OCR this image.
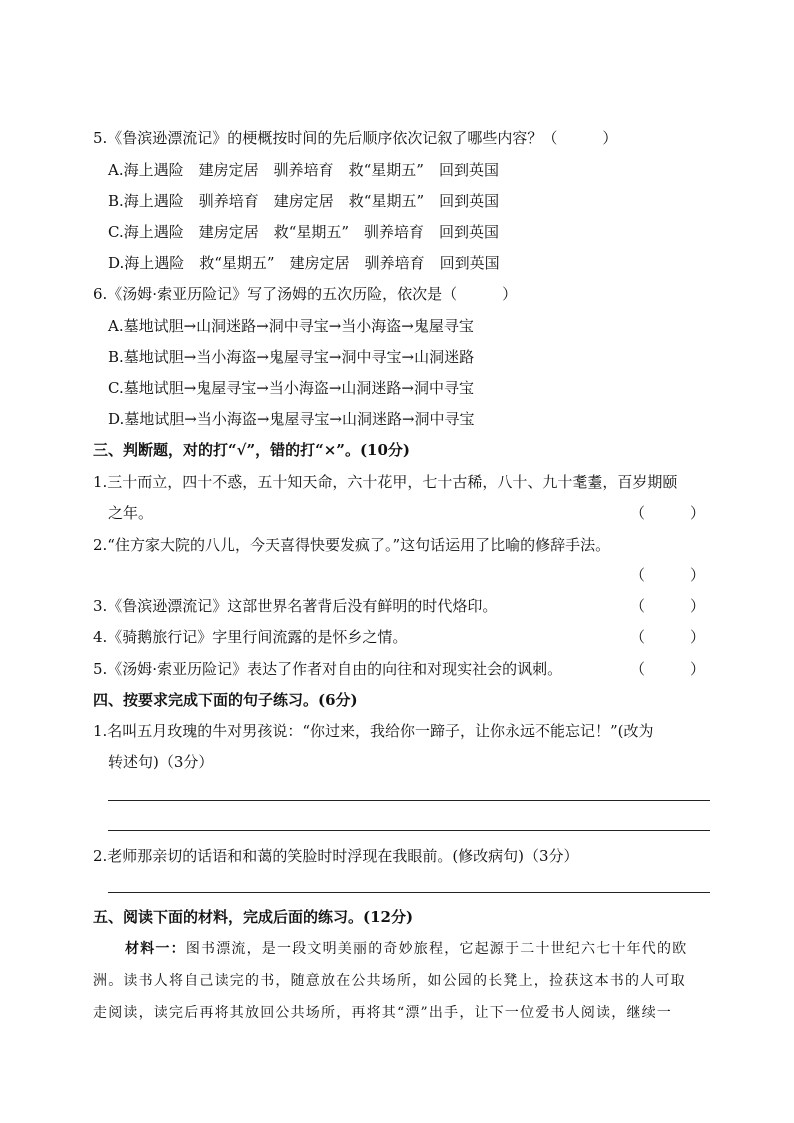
5.《鲁滨逊漂流记》的梗概按时间的先后顺序依次记叙了哪些内容？（　　　）
A.海上遇险　建房定居　驯养培育　救“星期五”　回到英国
B.海上遇险　驯养培育　建房定居　救“星期五”　回到英国
C.海上遇险　建房定居　救“星期五”　驯养培育　回到英国
D.海上遇险　救“星期五”　建房定居　驯养培育　回到英国
6.《汤姆·索亚历险记》写了汤姆的五次历险，依次是（　　　）
A.墓地试胆→山洞迷路→洞中寻宝→当小海盗→鬼屋寻宝
B.墓地试胆→当小海盗→鬼屋寻宝→洞中寻宝→山洞迷路
C.墓地试胆→鬼屋寻宝→当小海盗→山洞迷路→洞中寻宝
D.墓地试胆→当小海盗→鬼屋寻宝→山洞迷路→洞中寻宝
三、判断题，对的打“√”，错的打“×”。(10分)
1.三十而立，四十不惑，五十知天命，六十花甲，七十古稀，八十、九十耄耋，百岁期颐
之年。	（　　　）
2.“住方家大院的八儿，今天喜得快要发疯了。”这句话运用了比喻的修辞手法。
（　　　）
3.《鲁滨逊漂流记》这部世界名著背后没有鲜明的时代烙印。	（　　　）
4.《骑鹅旅行记》字里行间流露的是怀乡之情。	（　　　）
5.《汤姆·索亚历险记》表达了作者对自由的向往和对现实社会的讽刺。	（　　　）
四、按要求完成下面的句子练习。(6分)
1.名叫五月玫瑰的牛对男孩说：“你过来，我给你一蹄子，让你永远不能忘记！”(改为
转述句)（3分）
2.老师那亲切的话语和和蔼的笑脸时时浮现在我眼前。(修改病句)（3分）
五、阅读下面的材料，完成后面的练习。(12分)
材料一：图书漂流，是一段文明美丽的奇妙旅程，它起源于二十世纪六七十年代的欧
洲。读书人将自己读完的书，随意放在公共场所，如公园的长凳上，捡获这本书的人可取
走阅读，读完后再将其放回公共场所，再将其“漂”出手，让下一位爱书人阅读，继续一
